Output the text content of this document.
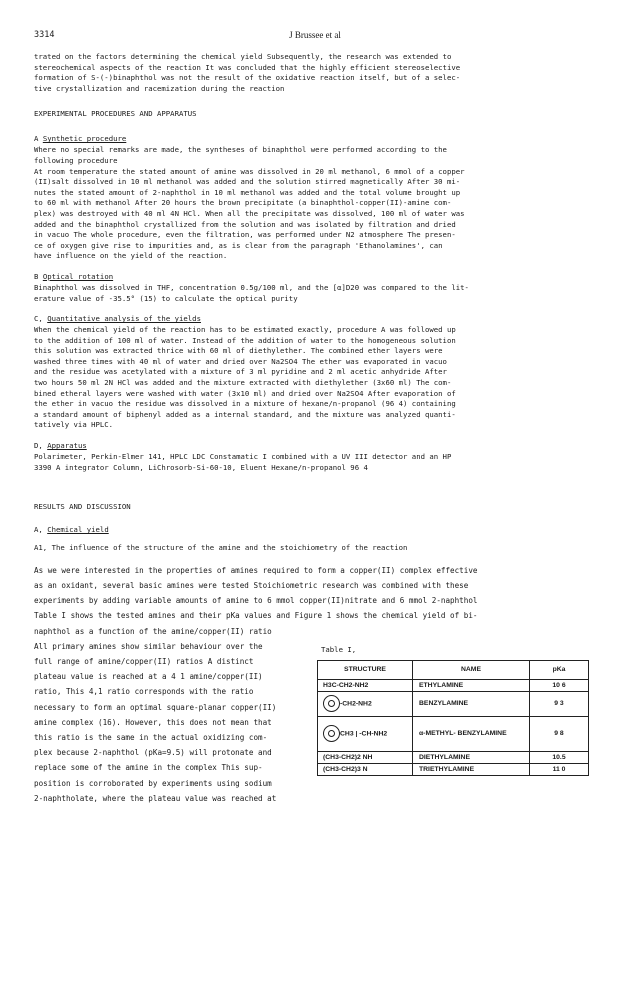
3314	J Brussee et al

trated on the factors determining the chemical yield Subsequently, the research was extended to

stereochemical aspects of the reaction It was concluded that the highly efficient stereoselective

formation of S-(-)binaphthol was not the result of the oxidative reaction itself, but of a selec-

tive crystallization and racemization during the reaction

EXPERIMENTAL PROCEDURES AND APPARATUS
A Synthetic procedure

Where no special remarks are made, the syntheses of binaphthol were performed according to the

following procedure

At room temperature the stated amount of amine was dissolved in 20 ml methanol, 6 mmol of a copper

(II)salt dissolved in 10 ml methanol was added and the solution stirred magnetically After 30 mi-

nutes the stated amount of 2-naphthol in 10 ml methanol was added and the total volume brought up

to 60 ml with methanol After 20 hours the brown precipitate (a binaphthol-copper(II)-amine com-

plex) was destroyed with 40 ml 4N HCl. When all the precipitate was dissolved, 100 ml of water was

added and the binaphthol crystallized from the solution and was isolated by filtration and dried

in vacuo The whole procedure, even the filtration, was performed under N2 atmosphere The presen-

ce of oxygen give rise to impurities and, as is clear from the paragraph 'Ethanolamines', can

have influence on the yield of the reaction.

B Optical rotation

Binaphthol was dissolved in THF, concentration 0.5g/100 ml, and the [α]D20 was compared to the lit-

erature value of -35.5° (15) to calculate the optical purity

C, Quantitative analysis of the yields

When the chemical yield of the reaction has to be estimated exactly, procedure A was followed up

to the addition of 100 ml of water. Instead of the addition of water to the homogeneous solution

this solution was extracted thrice with 60 ml of diethylether. The combined ether layers were

washed three times with 40 ml of water and dried over Na2SO4 The ether was evaporated in vacuo

and the residue was acetylated with a mixture of 3 ml pyridine and 2 ml acetic anhydride After

two hours 50 ml 2N HCl was added and the mixture extracted with diethylether (3x60 ml) The com-

bined etheral layers were washed with water (3x10 ml) and dried over Na2SO4 After evaporation of

the ether in vacuo the residue was dissolved in a mixture of hexane/n-propanol (96 4) containing

a standard amount of biphenyl added as a internal standard, and the mixture was analyzed quanti-

tatively via HPLC.

D, Apparatus

Polarimeter, Perkin-Elmer 141, HPLC LDC Constamatic I combined with a UV III detector and an HP

3390 A integrator Column, LiChrosorb-Si-60-10, Eluent Hexane/n-propanol 96 4

RESULTS AND DISCUSSION
A, Chemical yield

A1, The influence of the structure of the amine and the stoichiometry of the reaction

As we were interested in the properties of amines required to form a copper(II) complex effective

as an oxidant, several basic amines were tested Stoichiometric research was combined with these

experiments by adding variable amounts of amine to 6 mmol copper(II)nitrate and 6 mmol 2-naphthol

Table I shows the tested amines and their pKa values and Figure 1 shows the chemical yield of bi-

naphthol as a function of the amine/copper(II) ratio

All primary amines show similar behaviour over the

full range of amine/copper(II) ratios A distinct

plateau value is reached at a 4 1 amine/copper(II)

ratio, This 4,1 ratio corresponds with the ratio

necessary to form an optimal square-planar copper(II)

amine complex (16). However, this does not mean that

this ratio is the same in the actual oxidizing com-

plex because 2-naphthol (pKa=9.5) will protonate and

replace some of the amine in the complex This sup-

position is corroborated by experiments using sodium

2-naphtholate, where the plateau value was reached at

Table I,
STRUCTURE	NAME	pKa
H3C-CH2-NH2	ETHYLAMINE	10 6
-CH2-NH2	BENZYLAMINE	9 3
CH3 | -CH-NH2	α-METHYL- BENZYLAMINE	9 8
(CH3-CH2)2 NH	DIETHYLAMINE	10.5
(CH3-CH2)3 N	TRIETHYLAMINE	11 0
